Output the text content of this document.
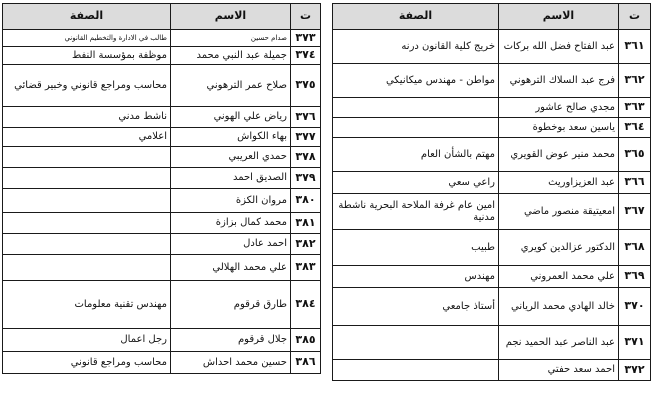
ت	الاسم	الصفة
٣٧٣	صدام حسين	طالب في الادارة والتخطيم القانوني
٣٧٤	جميلة عبد النبي محمد	موظفة بمؤسسة النفط
٣٧٥	صلاح عمر الترهوني	محاسب ومراجع قانوني وخبير قضائي
٣٧٦	رياض علي الهوني	ناشط مدني
٣٧٧	بهاء الكواش	اعلامي
٣٧٨	حمدي العريبي	
٣٧٩	الصديق احمد	
٣٨٠	مروان الكزة	
٣٨١	محمد كمال بزازة	
٣٨٢	احمد عادل	
٣٨٣	علي محمد الهلالي	
٣٨٤	طارق قرقوم	مهندس تقنية معلومات
٣٨٥	جلال قرقوم	رجل اعمال
٣٨٦	حسين محمد احداش	محاسب ومراجع قانوني
ت	الاسم	الصفة
٣٦١	عبد الفتاح فضل الله بركات	خريج كلية القانون درنه
٣٦٢	فرج عبد السلاك الترهوني	مواطن - مهندس ميكانيكي
٣٦٣	مجدي صالح عاشور	
٣٦٤	ياسين سعد بوخطوة	
٣٦٥	محمد منير عوض القويري	مهتم بالشأن العام
٣٦٦	عبد العزيزاوريث	راعي سعي
٣٦٧	امعيتيقة منصور ماضي	امين عام غرفة الملاحة البحرية ناشطة مدنية
٣٦٨	الدكتور عزالدين كويري	طبيب
٣٦٩	علي محمد العمروني	مهندس
٣٧٠	خالد الهادي محمد الرياني	أستاذ جامعي
٣٧١	عبد الناصر عبد الحميد نجم	
٣٧٢	احمد سعد حفتي	
